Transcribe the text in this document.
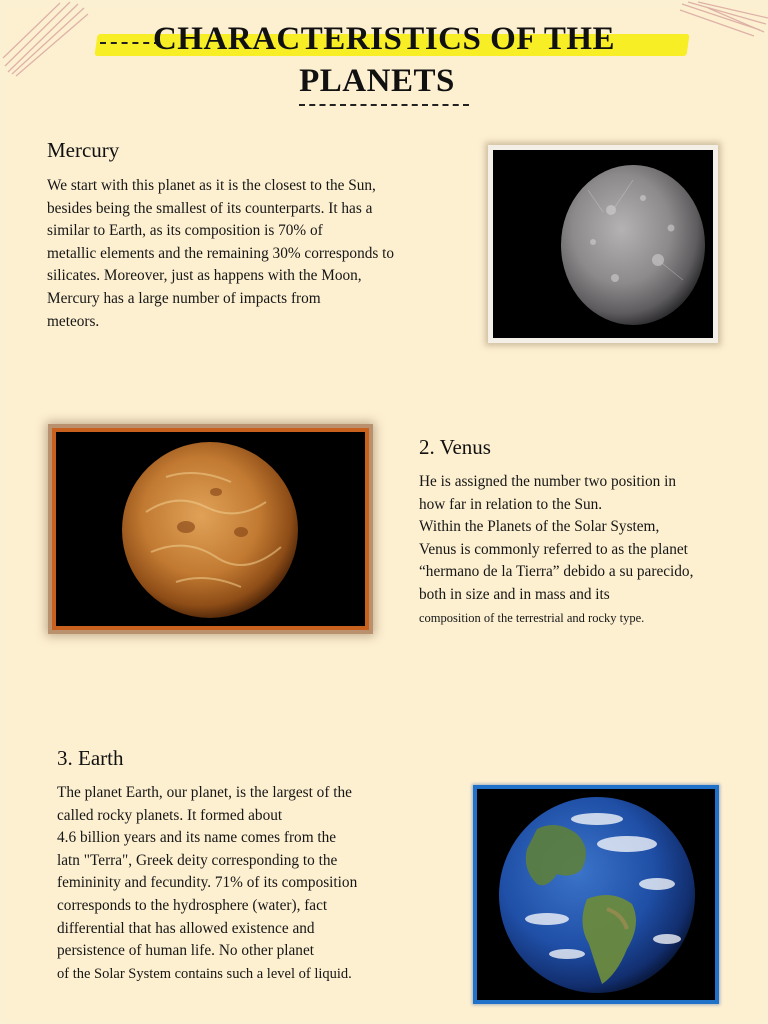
CHARACTERISTICS OF THE
PLANETS
Mercury

We start with this planet as it is the closest to the Sun,
besides being the smallest of its counterparts. It has a
similar to Earth, as its composition is 70% of
metallic elements and the remaining 30% corresponds to
silicates. Moreover, just as happens with the Moon,
Mercury has a large number of impacts from
meteors.

2. Venus

He is assigned the number two position in
how far in relation to the Sun.
Within the Planets of the Solar System,
Venus is commonly referred to as the planet
“hermano de la Tierra” debido a su parecido,
both in size and in mass and its
composition of the terrestrial and rocky type.

3. Earth

The planet Earth, our planet, is the largest of the
called rocky planets. It formed about
4.6 billion years and its name comes from the
latn "Terra", Greek deity corresponding to the
femininity and fecundity. 71% of its composition
corresponds to the hydrosphere (water), fact
differential that has allowed existence and
persistence of human life. No other planet
of the Solar System contains such a level of liquid.
